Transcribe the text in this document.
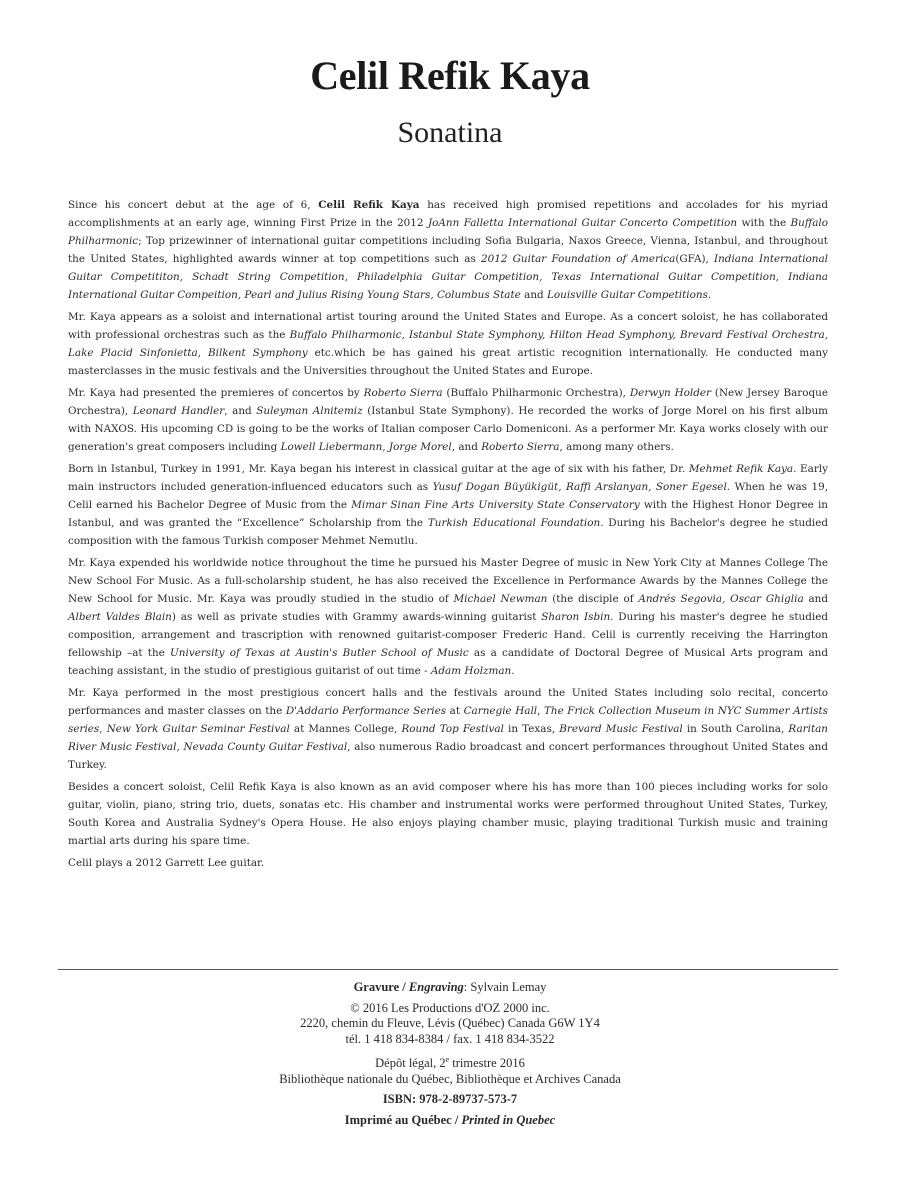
Celil Refik Kaya
Sonatina

Since his concert debut at the age of 6, Celil Refik Kaya has received high promised repetitions and accolades for his myriad accomplishments at an early age, winning First Prize in the 2012 JoAnn Falletta International Guitar Concerto Competition with the Buffalo Philharmonic; Top prizewinner of international guitar competitions including Sofia Bulgaria, Naxos Greece, Vienna, Istanbul, and throughout the United States, highlighted awards winner at top competitions such as 2012 Guitar Foundation of America(GFA), Indiana International Guitar Competititon, Schadt String Competition, Philadelphia Guitar Competition, Texas International Guitar Competition, Indiana International Guitar Compeition, Pearl and Julius Rising Young Stars, Columbus State and Louisville Guitar Competitions.

Mr. Kaya appears as a soloist and international artist touring around the United States and Europe. As a concert soloist, he has collaborated with professional orchestras such as the Buffalo Philharmonic, Istanbul State Symphony, Hilton Head Symphony, Brevard Festival Orchestra, Lake Placid Sinfonietta, Bilkent Symphony etc.which be has gained his great artistic recognition internationally. He conducted many masterclasses in the music festivals and the Universities throughout the United States and Europe.

Mr. Kaya had presented the premieres of concertos by Roberto Sierra (Buffalo Philharmonic Orchestra), Derwyn Holder (New Jersey Baroque Orchestra), Leonard Handler, and Suleyman Alnitemiz (Istanbul State Symphony). He recorded the works of Jorge Morel on his first album with NAXOS. His upcoming CD is going to be the works of Italian composer Carlo Domeniconi. As a performer Mr. Kaya works closely with our generation's great composers including Lowell Liebermann, Jorge Morel, and Roberto Sierra, among many others.

Born in Istanbul, Turkey in 1991, Mr. Kaya began his interest in classical guitar at the age of six with his father, Dr. Mehmet Refik Kaya. Early main instructors included generation-influenced educators such as Yusuf Dogan Büyükigüt, Raffi Arslanyan, Soner Egesel. When he was 19, Celil earned his Bachelor Degree of Music from the Mimar Sinan Fine Arts University State Conservatory with the Highest Honor Degree in Istanbul, and was granted the “Excellence” Scholarship from the Turkish Educational Foundation. During his Bachelor's degree he studied composition with the famous Turkish composer Mehmet Nemutlu.

Mr. Kaya expended his worldwide notice throughout the time he pursued his Master Degree of music in New York City at Mannes College The New School For Music. As a full-scholarship student, he has also received the Excellence in Performance Awards by the Mannes College the New School for Music. Mr. Kaya was proudly studied in the studio of Michael Newman (the disciple of Andrés Segovia, Oscar Ghiglia and Albert Valdes Blain) as well as private studies with Grammy awards-winning guitarist Sharon Isbin. During his master's degree he studied composition, arrangement and trascription with renowned guitarist-composer Frederic Hand. Celil is currently receiving the Harrington fellowship –at the University of Texas at Austin's Butler School of Music as a candidate of Doctoral Degree of Musical Arts program and teaching assistant, in the studio of prestigious guitarist of out time - Adam Holzman.

Mr. Kaya performed in the most prestigious concert halls and the festivals around the United States including solo recital, concerto performances and master classes on the D'Addario Performance Series at Carnegie Hall, The Frick Collection Museum in NYC Summer Artists series, New York Guitar Seminar Festival at Mannes College, Round Top Festival in Texas, Brevard Music Festival in South Carolina, Raritan River Music Festival, Nevada County Guitar Festival, also numerous Radio broadcast and concert performances throughout United States and Turkey.

Besides a concert soloist, Celil Refik Kaya is also known as an avid composer where his has more than 100 pieces including works for solo guitar, violin, piano, string trio, duets, sonatas etc. His chamber and instrumental works were performed throughout United States, Turkey, South Korea and Australia Sydney's Opera House. He also enjoys playing chamber music, playing traditional Turkish music and training martial arts during his spare time.

Celil plays a 2012 Garrett Lee guitar.

Gravure / Engraving: Sylvain Lemay
© 2016 Les Productions d'OZ 2000 inc.
2220, chemin du Fleuve, Lévis (Québec) Canada G6W 1Y4
tél. 1 418 834-8384 / fax. 1 418 834-3522
Dépôt légal, 2e trimestre 2016
Bibliothèque nationale du Québec, Bibliothèque et Archives Canada
ISBN: 978-2-89737-573-7
Imprimé au Québec / Printed in Quebec
